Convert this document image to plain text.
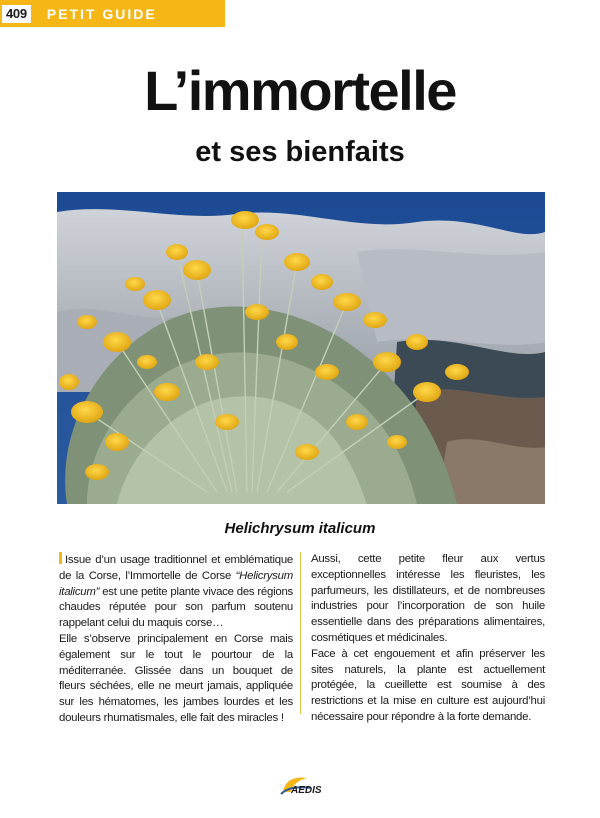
409 PETIT GUIDE
L’immortelle
et ses bienfaits
Helichrysum italicum

Issue d’un usage traditionnel et emblématique de la Corse, l’Immortelle de Corse “Helicrysum italicum” est une petite plante vivace des régions chaudes réputée pour son parfum soutenu rappelant celui du maquis corse…

Elle s’observe principalement en Corse mais également sur le tout le pourtour de la méditerranée. Glissée dans un bouquet de fleurs séchées, elle ne meurt jamais, appliquée sur les hématomes, les jambes lourdes et les douleurs rhumatismales, elle fait des miracles !

Aussi, cette petite fleur aux vertus exceptionnelles intéresse les fleuristes, les parfumeurs, les distillateurs, et de nombreuses industries pour l’incorporation de son huile essentielle dans des préparations alimentaires, cosmétiques et médicinales.

Face à cet engouement et afin préserver les sites naturels, la plante est actuellement protégée, la cueillette est soumise à des restrictions et la mise en culture est aujourd’hui nécessaire pour répondre à la forte demande.

AEDIS
